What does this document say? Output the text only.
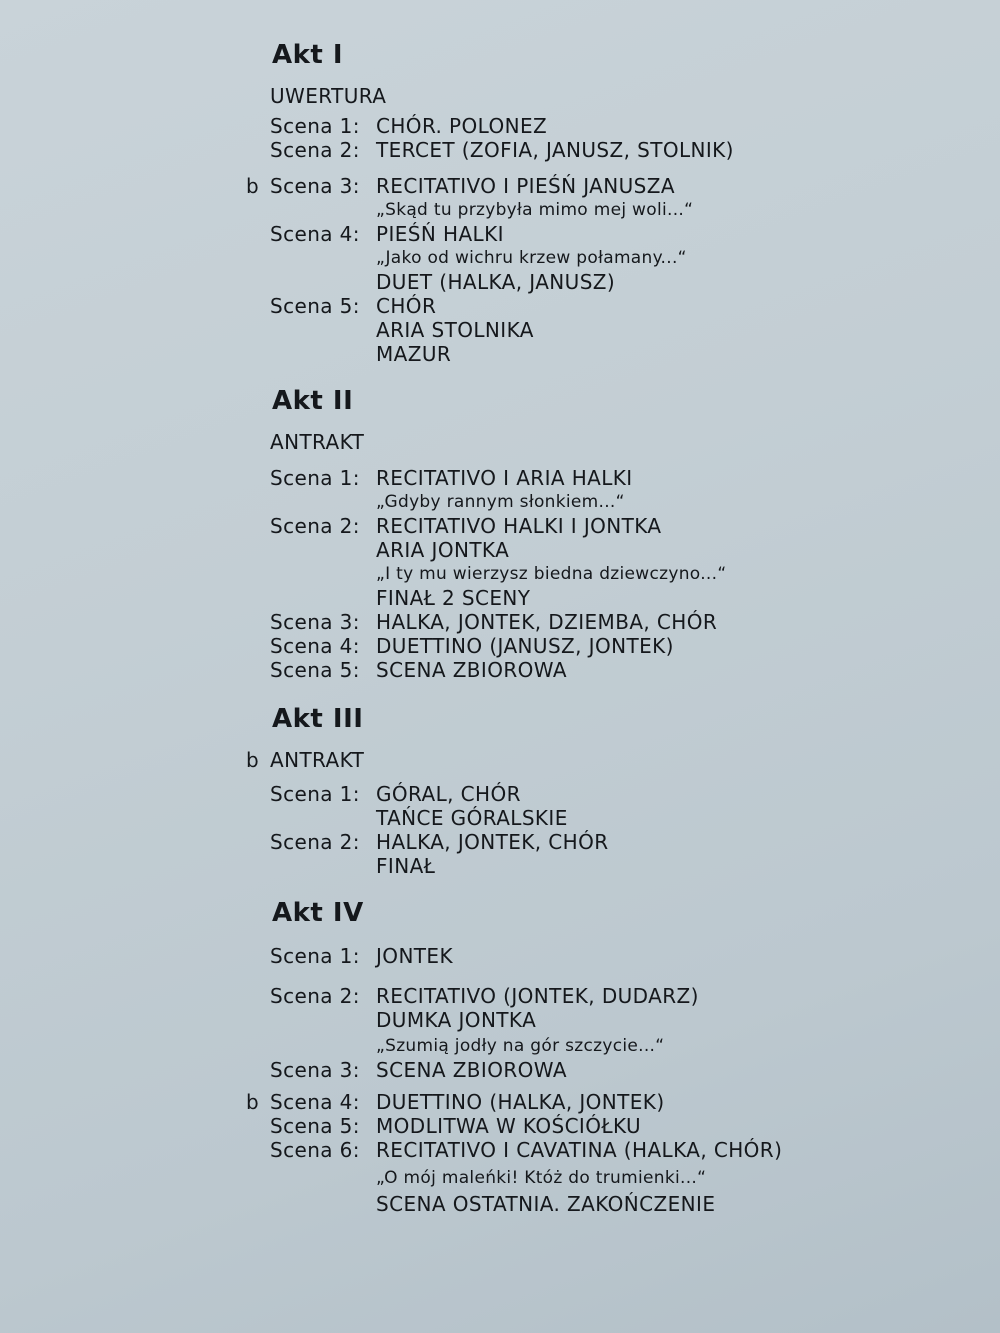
Akt I
Akt II
Akt III
Akt IV
UWERTURA
Scena 1: CHÓR. POLONEZ
Scena 2: TERCET (ZOFIA, JANUSZ, STOLNIK)
b Scena 3: RECITATIVO I PIEŚŃ JANUSZA
„Skąd tu przybyła mimo mej woli...“
Scena 4: PIEŚŃ HALKI
„Jako od wichru krzew połamany...“
DUET (HALKA, JANUSZ)
Scena 5: CHÓR
ARIA STOLNIKA
MAZUR
ANTRAKT
Scena 1: RECITATIVO I ARIA HALKI
„Gdyby rannym słonkiem...“
Scena 2: RECITATIVO HALKI I JONTKA
ARIA JONTKA
„I ty mu wierzysz biedna dziewczyno...“
FINAŁ 2 SCENY
Scena 3: HALKA, JONTEK, DZIEMBA, CHÓR
Scena 4: DUETTINO (JANUSZ, JONTEK)
Scena 5: SCENA ZBIOROWA
b ANTRAKT
Scena 1: GÓRAL, CHÓR
TAŃCE GÓRALSKIE
Scena 2: HALKA, JONTEK, CHÓR
FINAŁ
Scena 1: JONTEK
Scena 2: RECITATIVO (JONTEK, DUDARZ)
DUMKA JONTKA
„Szumią jodły na gór szczycie...“
Scena 3: SCENA ZBIOROWA
b Scena 4: DUETTINO (HALKA, JONTEK)
Scena 5: MODLITWA W KOŚCIÓŁKU
Scena 6: RECITATIVO I CAVATINA (HALKA, CHÓR)
„O mój maleńki! Któż do trumienki...“
SCENA OSTATNIA. ZAKOŃCZENIE
